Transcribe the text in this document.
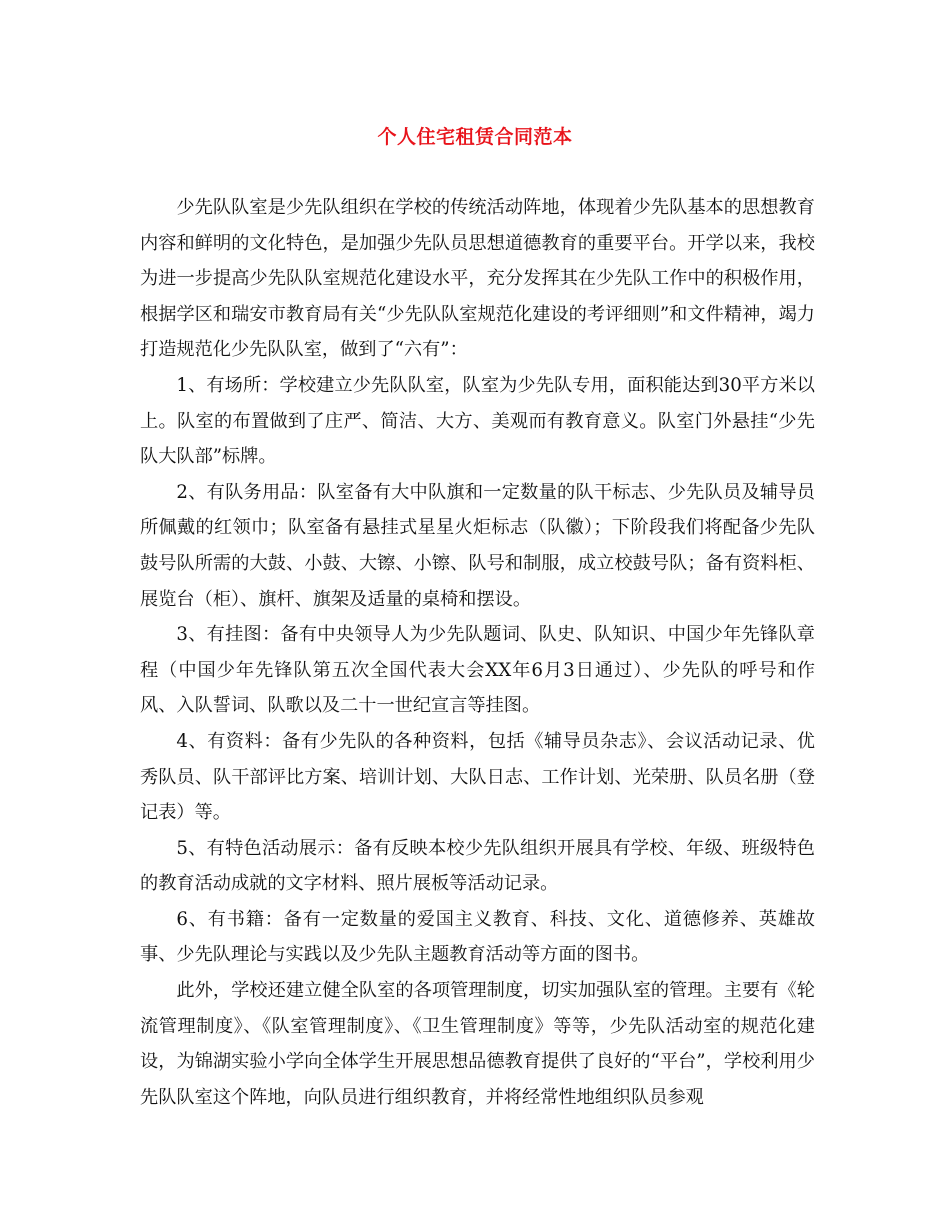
个人住宅租赁合同范本

少先队队室是少先队组织在学校的传统活动阵地，体现着少先队基本的思想教育内容和鲜明的文化特色，是加强少先队员思想道德教育的重要平台。开学以来，我校为进一步提高少先队队室规范化建设水平，充分发挥其在少先队工作中的积极作用，根据学区和瑞安市教育局有关“少先队队室规范化建设的考评细则”和文件精神，竭力打造规范化少先队队室，做到了“六有”：

1、有场所：学校建立少先队队室，队室为少先队专用，面积能达到30平方米以上。队室的布置做到了庄严、简洁、大方、美观而有教育意义。队室门外悬挂“少先队大队部”标牌。

2、有队务用品：队室备有大中队旗和一定数量的队干标志、少先队员及辅导员所佩戴的红领巾；队室备有悬挂式星星火炬标志（队徽）；下阶段我们将配备少先队鼓号队所需的大鼓、小鼓、大镲、小镲、队号和制服，成立校鼓号队；备有资料柜、展览台（柜）、旗杆、旗架及适量的桌椅和摆设。

3、有挂图：备有中央领导人为少先队题词、队史、队知识、中国少年先锋队章程（中国少年先锋队第五次全国代表大会XX年6月3日通过）、少先队的呼号和作风、入队誓词、队歌以及二十一世纪宣言等挂图。

4、有资料：备有少先队的各种资料，包括《辅导员杂志》、会议活动记录、优秀队员、队干部评比方案、培训计划、大队日志、工作计划、光荣册、队员名册（登记表）等。

5、有特色活动展示：备有反映本校少先队组织开展具有学校、年级、班级特色的教育活动成就的文字材料、照片展板等活动记录。

6、有书籍：备有一定数量的爱国主义教育、科技、文化、道德修养、英雄故事、少先队理论与实践以及少先队主题教育活动等方面的图书。

此外，学校还建立健全队室的各项管理制度，切实加强队室的管理。主要有《轮流管理制度》、《队室管理制度》、《卫生管理制度》等等，少先队活动室的规范化建设，为锦湖实验小学向全体学生开展思想品德教育提供了良好的“平台”，学校利用少先队队室这个阵地，向队员进行组织教育，并将经常性地组织队员参观
